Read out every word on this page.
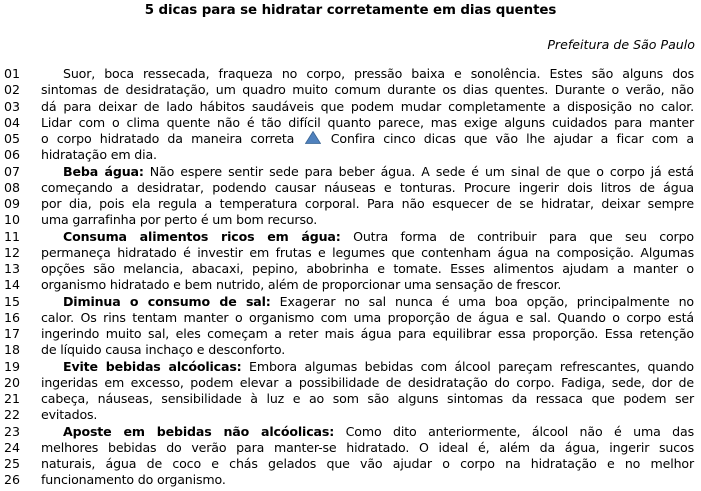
5 dicas para se hidratar corretamente em dias quentes
Prefeitura de São Paulo
01	Suor, boca ressecada, fraqueza no corpo, pressão baixa e sonolência. Estes são alguns dos
02	sintomas de desidratação, um quadro muito comum durante os dias quentes. Durante o verão, não
03	dá para deixar de lado hábitos saudáveis que podem mudar completamente a disposição no calor.
04	Lidar com o clima quente não é tão difícil quanto parece, mas exige alguns cuidados para manter
05	o corpo hidratado da maneira correta	Confira cinco dicas que vão lhe ajudar a ficar com a
06	hidratação em dia.
07	Beba água: Não espere sentir sede para beber água. A sede é um sinal de que o corpo já está
08	começando a desidratar, podendo causar náuseas e tonturas. Procure ingerir dois litros de água
09	por dia, pois ela regula a temperatura corporal. Para não esquecer de se hidratar, deixar sempre
10	uma garrafinha por perto é um bom recurso.
11	Consuma alimentos ricos em água: Outra forma de contribuir para que seu corpo
12	permaneça hidratado é investir em frutas e legumes que contenham água na composição. Algumas
13	opções são melancia, abacaxi, pepino, abobrinha e tomate. Esses alimentos ajudam a manter o
14	organismo hidratado e bem nutrido, além de proporcionar uma sensação de frescor.
15	Diminua o consumo de sal: Exagerar no sal nunca é uma boa opção, principalmente no
16	calor. Os rins tentam manter o organismo com uma proporção de água e sal. Quando o corpo está
17	ingerindo muito sal, eles começam a reter mais água para equilibrar essa proporção. Essa retenção
18	de líquido causa inchaço e desconforto.
19	Evite bebidas alcóolicas: Embora algumas bebidas com álcool pareçam refrescantes, quando
20	ingeridas em excesso, podem elevar a possibilidade de desidratação do corpo. Fadiga, sede, dor de
21	cabeça, náuseas, sensibilidade à luz e ao som são alguns sintomas da ressaca que podem ser
22	evitados.
23	Aposte em bebidas não alcóolicas: Como dito anteriormente, álcool não é uma das
24	melhores bebidas do verão para manter-se hidratado. O ideal é, além da água, ingerir sucos
25	naturais, água de coco e chás gelados que vão ajudar o corpo na hidratação e no melhor
26	funcionamento do organismo.
